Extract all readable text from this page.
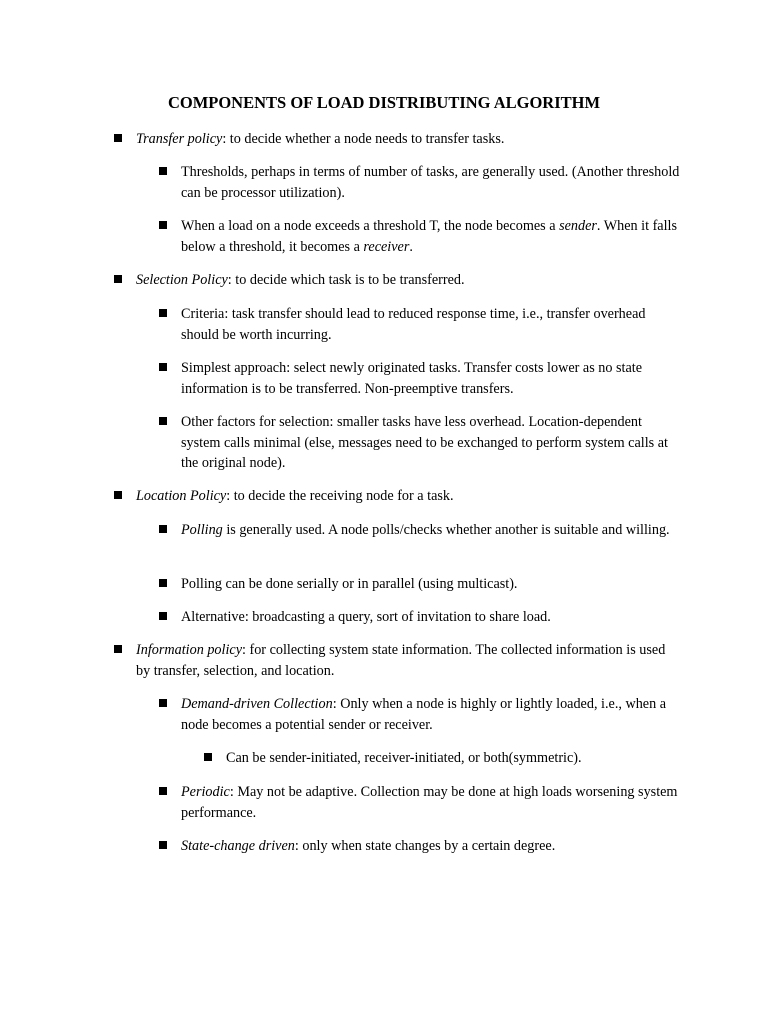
COMPONENTS OF LOAD DISTRIBUTING ALGORITHM
Transfer policy: to decide whether a node needs to transfer tasks.
Thresholds, perhaps in terms of number of tasks, are generally used. (Another threshold can be processor utilization).
When a load on a node exceeds a threshold T, the node becomes a sender. When it falls below a threshold, it becomes a receiver.
Selection Policy: to decide which task is to be transferred.
Criteria: task transfer should lead to reduced response time, i.e., transfer overhead should be worth incurring.
Simplest approach: select newly originated tasks. Transfer costs lower as no state information is to be transferred. Non-preemptive transfers.
Other factors for selection: smaller tasks have less overhead. Location-dependent system calls minimal (else, messages need to be exchanged to perform system calls at the original node).
Location Policy: to decide the receiving node for a task.
Polling is generally used. A node polls/checks whether another is suitable and willing.
Polling can be done serially or in parallel (using multicast).
Alternative: broadcasting a query, sort of invitation to share load.
Information policy: for collecting system state information. The collected information is used by transfer, selection, and location.
Demand-driven Collection: Only when a node is highly or lightly loaded, i.e., when a node becomes a potential sender or receiver.
Can be sender-initiated, receiver-initiated, or both(symmetric).
Periodic: May not be adaptive. Collection may be done at high loads worsening system performance.
State-change driven: only when state changes by a certain degree.
